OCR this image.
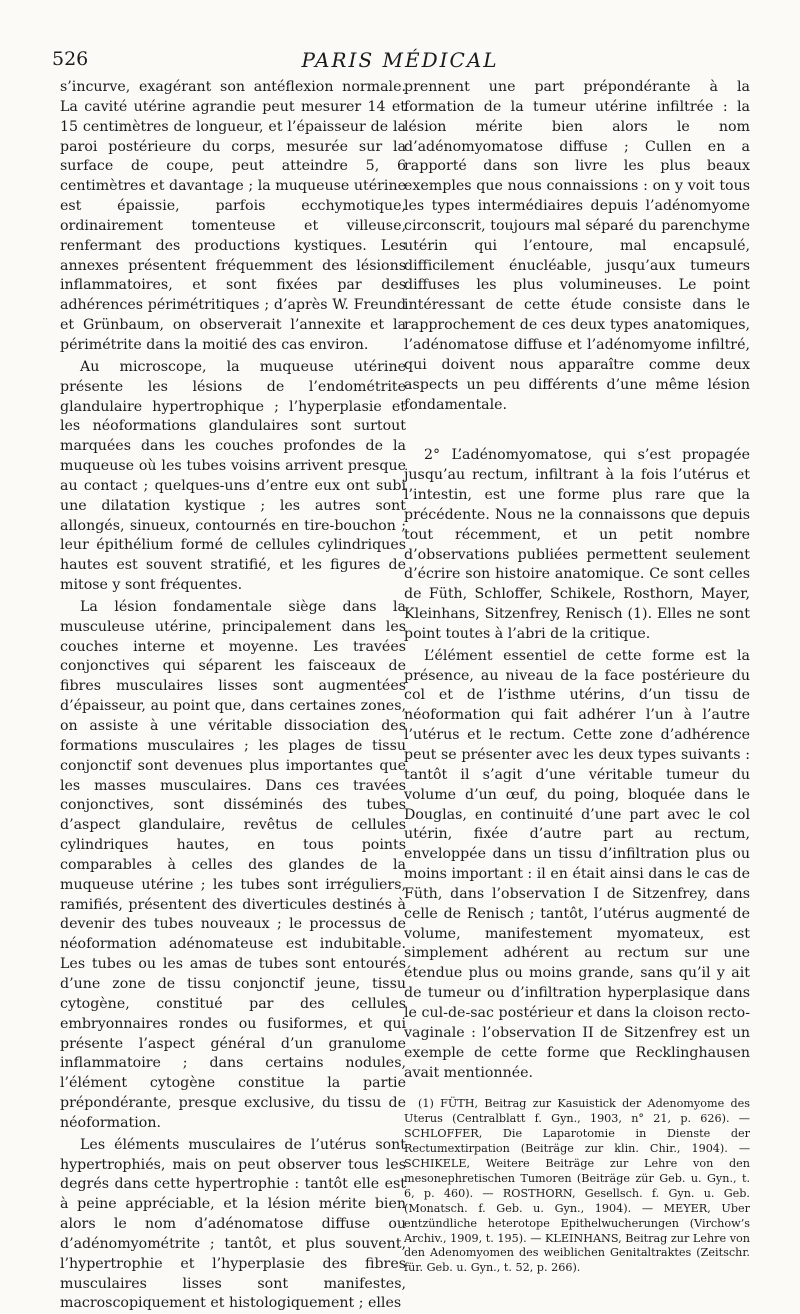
526	PARIS MÉDICAL

s’incurve, exagérant son antéflexion normale. La cavité utérine agrandie peut mesurer 14 et 15 centimètres de longueur, et l’épaisseur de la paroi postérieure du corps, mesurée sur la surface de coupe, peut atteindre 5, 6 centimètres et davantage ; la muqueuse utérine est épaissie, parfois ecchymotique, ordinairement tomenteuse et villeuse, renfermant des productions kystiques. Les annexes présentent fréquemment des lésions inflammatoires, et sont fixées par des adhérences périmétritiques ; d’après W. Freund et Grünbaum, on observerait l’annexite et la périmétrite dans la moitié des cas environ.

Au microscope, la muqueuse utérine présente les lésions de l’endométrite glandulaire hypertrophique ; l’hyperplasie et les néoformations glandulaires sont surtout marquées dans les couches profondes de la muqueuse où les tubes voisins arrivent presque au contact ; quelques-uns d’entre eux ont subi une dilatation kystique ; les autres sont allongés, sinueux, contournés en tire-bouchon ; leur épithélium formé de cellules cylindriques hautes est souvent stratifié, et les figures de mitose y sont fréquentes.

La lésion fondamentale siège dans la musculeuse utérine, principalement dans les couches interne et moyenne. Les travées conjonctives qui séparent les faisceaux de fibres musculaires lisses sont augmentées d’épaisseur, au point que, dans certaines zones, on assiste à une véritable dissociation des formations musculaires ; les plages de tissu conjonctif sont devenues plus importantes que les masses musculaires. Dans ces travées conjonctives, sont disséminés des tubes d’aspect glandulaire, revêtus de cellules cylindriques hautes, en tous points comparables à celles des glandes de la muqueuse utérine ; les tubes sont irréguliers, ramifiés, présentent des diverticules destinés à devenir des tubes nouveaux ; le processus de néoformation adénomateuse est indubitable. Les tubes ou les amas de tubes sont entourés d’une zone de tissu conjonctif jeune, tissu cytogène, constitué par des cellules embryonnaires rondes ou fusiformes, et qui présente l’aspect général d’un granulome inflammatoire ; dans certains nodules, l’élément cytogène constitue la partie prépondérante, presque exclusive, du tissu de néoformation.

Les éléments musculaires de l’utérus sont hypertrophiés, mais on peut observer tous les degrés dans cette hypertrophie : tantôt elle est à peine appréciable, et la lésion mérite bien alors le nom d’adénomatose diffuse ou d’adénomyométrite ; tantôt, et plus souvent, l’hypertrophie et l’hyperplasie des fibres musculaires lisses sont manifestes, macroscopiquement et histologiquement ; elles

prennent une part prépondérante à la formation de la tumeur utérine infiltrée : la lésion mérite bien alors le nom d’adénomyomatose diffuse ; Cullen en a rapporté dans son livre les plus beaux exemples que nous connaissions : on y voit tous les types intermédiaires depuis l’adénomyome circonscrit, toujours mal séparé du parenchyme utérin qui l’entoure, mal encapsulé, difficilement énucléable, jusqu’aux tumeurs diffuses les plus volumineuses. Le point intéressant de cette étude consiste dans le rapprochement de ces deux types anatomiques, l’adénomatose diffuse et l’adénomyome infiltré, qui doivent nous apparaître comme deux aspects un peu différents d’une même lésion fondamentale.

2° L’adénomyomatose, qui s’est propagée jusqu’au rectum, infiltrant à la fois l’utérus et l’intestin, est une forme plus rare que la précédente. Nous ne la connaissons que depuis tout récemment, et un petit nombre d’observations publiées permettent seulement d’écrire son histoire anatomique. Ce sont celles de Füth, Schloffer, Schikele, Rosthorn, Mayer, Kleinhans, Sitzenfrey, Renisch (1). Elles ne sont point toutes à l’abri de la critique.

L’élément essentiel de cette forme est la présence, au niveau de la face postérieure du col et de l’isthme utérins, d’un tissu de néoformation qui fait adhérer l’un à l’autre l’utérus et le rectum. Cette zone d’adhérence peut se présenter avec les deux types suivants : tantôt il s’agit d’une véritable tumeur du volume d’un œuf, du poing, bloquée dans le Douglas, en continuité d’une part avec le col utérin, fixée d’autre part au rectum, enveloppée dans un tissu d’infiltration plus ou moins important : il en était ainsi dans le cas de Füth, dans l’observation I de Sitzenfrey, dans celle de Renisch ; tantôt, l’utérus augmenté de volume, manifestement myomateux, est simplement adhérent au rectum sur une étendue plus ou moins grande, sans qu’il y ait de tumeur ou d’infiltration hyperplasique dans le cul-de-sac postérieur et dans la cloison recto-vaginale : l’observation II de Sitzenfrey est un exemple de cette forme que Recklinghausen avait mentionnée.

(1) FÜTH, Beitrag zur Kasuistick der Adenomyome des Uterus (Centralblatt f. Gyn., 1903, n° 21, p. 626). — SCHLOFFER, Die Laparotomie in Dienste der Rectumextirpation (Beiträge zur klin. Chir., 1904). — SCHIKELE, Weitere Beiträge zur Lehre von den mesonephretischen Tumoren (Beiträge zür Geb. u. Gyn., t. 6, p. 460). — ROSTHORN, Gesellsch. f. Gyn. u. Geb. (Monatsch. f. Geb. u. Gyn., 1904). — MEYER, Uber entzündliche heterotope Epithelwucherungen (Virchow’s Archiv., 1909, t. 195). — KLEINHANS, Beitrag zur Lehre von den Adenomyomen des weiblichen Genitaltraktes (Zeitschr. für. Geb. u. Gyn., t. 52, p. 266).
